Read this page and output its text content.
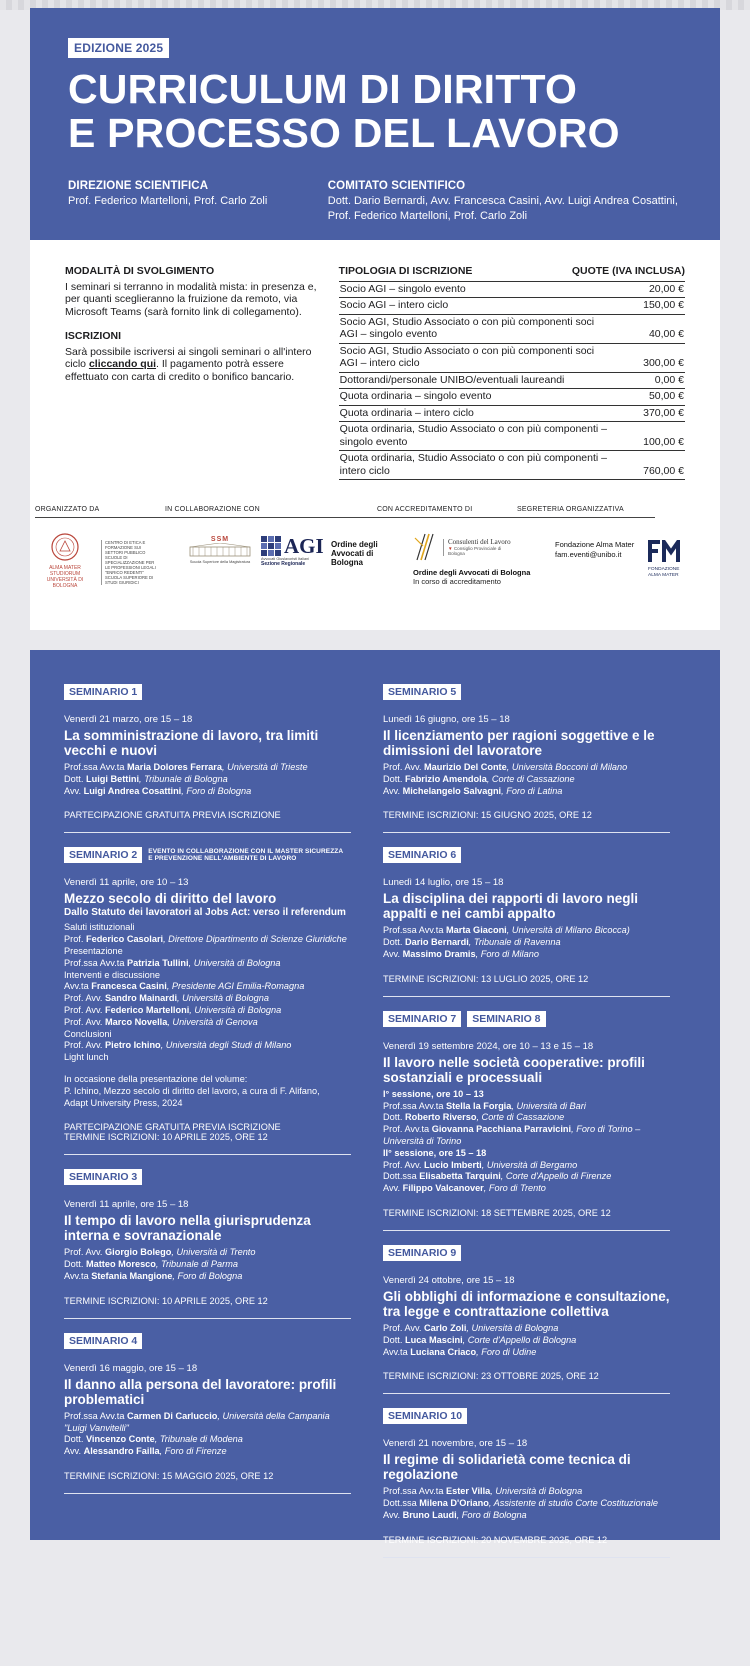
EDIZIONE 2025
CURRICULUM DI DIRITTO
E PROCESSO DEL LAVORO
DIREZIONE SCIENTIFICA
Prof. Federico Martelloni, Prof. Carlo Zoli
COMITATO SCIENTIFICO
Dott. Dario Bernardi, Avv. Francesca Casini, Avv. Luigi Andrea Cosattini,
Prof. Federico Martelloni, Prof. Carlo Zoli
MODALITÀ DI SVOLGIMENTO

I seminari si terranno in modalità mista: in presenza e, per quanti sceglieranno la fruizione da remoto, via Microsoft Teams (sarà fornito link di collegamento).

ISCRIZIONI

Sarà possibile iscriversi ai singoli seminari o all'intero ciclo cliccando qui. Il pagamento potrà essere effettuato con carta di credito o bonifico bancario.

TIPOLOGIA DI ISCRIZIONE	QUOTE (IVA INCLUSA)
Socio AGI – singolo evento	20,00 €
Socio AGI – intero ciclo	150,00 €
Socio AGI, Studio Associato o con più componenti soci AGI – singolo evento	40,00 €
Socio AGI, Studio Associato o con più componenti soci AGI – intero ciclo	300,00 €
Dottorandi/personale UNIBO/eventuali laureandi	0,00 €
Quota ordinaria – singolo evento	50,00 €
Quota ordinaria – intero ciclo	370,00 €
Quota ordinaria, Studio Associato o con più componenti – singolo evento	100,00 €
Quota ordinaria, Studio Associato o con più componenti – intero ciclo	760,00 €
ORGANIZZATO DA	IN COLLABORAZIONE CON	CON ACCREDITAMENTO DI	SEGRETERIA ORGANIZZATIVA
ALMA MATER STUDIORUM UNIVERSITÀ DI BOLOGNA
CENTRO DI ETICA E FORMAZIONE SUI SETTORI PUBBLICO SCUOLE DI SPECIALIZZAZIONE PER LE PROFESSIONI LEGALI "ENRICO REDENTI" SCUOLA SUPERIORE DI STUDI GIURIDICI
SSM
Scuola Superiore della Magistratura
AGI
Avvocati Giuslavoristi Italiani
Sezione Regionale
Ordine degli Avvocati di Bologna
Consulenti del Lavoro
▼ Consiglio Provinciale di Bologna
Ordine degli Avvocati di Bologna
In corso di accreditamento
Fondazione Alma Mater
fam.eventi@unibo.it
FONDAZIONE ALMA MATER
SEMINARIO 1
Venerdì 21 marzo, ore 15 – 18
La somministrazione di lavoro, tra limiti vecchi e nuovi
Prof.ssa Avv.ta Maria Dolores Ferrara, Università di Trieste
Dott. Luigi Bettini, Tribunale di Bologna
Avv. Luigi Andrea Cosattini, Foro di Bologna
PARTECIPAZIONE GRATUITA PREVIA ISCRIZIONE
SEMINARIO 2	EVENTO IN COLLABORAZIONE CON IL MASTER SICUREZZA E PREVENZIONE NELL'AMBIENTE DI LAVORO
Venerdì 11 aprile, ore 10 – 13
Mezzo secolo di diritto del lavoro
Dallo Statuto dei lavoratori al Jobs Act: verso il referendum
Saluti istituzionali
Prof. Federico Casolari, Direttore Dipartimento di Scienze Giuridiche
Presentazione
Prof.ssa Avv.ta Patrizia Tullini, Università di Bologna
Interventi e discussione
Avv.ta Francesca Casini, Presidente AGI Emilia-Romagna
Prof. Avv. Sandro Mainardi, Università di Bologna
Prof. Avv. Federico Martelloni, Università di Bologna
Prof. Avv. Marco Novella, Università di Genova
Conclusioni
Prof. Avv. Pietro Ichino, Università degli Studi di Milano
Light lunch
In occasione della presentazione del volume:
P. Ichino, Mezzo secolo di diritto del lavoro, a cura di F. Alifano,
Adapt University Press, 2024
PARTECIPAZIONE GRATUITA PREVIA ISCRIZIONE
TERMINE ISCRIZIONI: 10 APRILE 2025, ORE 12
SEMINARIO 3
Venerdì 11 aprile, ore 15 – 18
Il tempo di lavoro nella giurisprudenza interna e sovranazionale
Prof. Avv. Giorgio Bolego, Università di Trento
Dott. Matteo Moresco, Tribunale di Parma
Avv.ta Stefania Mangione, Foro di Bologna
TERMINE ISCRIZIONI: 10 APRILE 2025, ORE 12
SEMINARIO 4
Venerdì 16 maggio, ore 15 – 18
Il danno alla persona del lavoratore: profili problematici
Prof.ssa Avv.ta Carmen Di Carluccio, Università della Campania
"Luigi Vanvitelli"
Dott. Vincenzo Conte, Tribunale di Modena
Avv. Alessandro Failla, Foro di Firenze
TERMINE ISCRIZIONI: 15 MAGGIO 2025, ORE 12
SEMINARIO 5
Lunedì 16 giugno, ore 15 – 18
Il licenziamento per ragioni soggettive e le dimissioni del lavoratore
Prof. Avv. Maurizio Del Conte, Università Bocconi di Milano
Dott. Fabrizio Amendola, Corte di Cassazione
Avv. Michelangelo Salvagni, Foro di Latina
TERMINE ISCRIZIONI: 15 GIUGNO 2025, ORE 12
SEMINARIO 6
Lunedì 14 luglio, ore 15 – 18
La disciplina dei rapporti di lavoro negli appalti e nei cambi appalto
Prof.ssa Avv.ta Marta Giaconi, Università di Milano Bicocca)
Dott. Dario Bernardi, Tribunale di Ravenna
Avv. Massimo Dramis, Foro di Milano
TERMINE ISCRIZIONI: 13 LUGLIO 2025, ORE 12
SEMINARIO 7	SEMINARIO 8
Venerdì 19 settembre 2024, ore 10 – 13 e 15 – 18
Il lavoro nelle società cooperative: profili sostanziali e processuali
I° sessione, ore 10 – 13
Prof.ssa Avv.ta Stella la Forgia, Università di Bari
Dott. Roberto Riverso, Corte di Cassazione
Prof. Avv.ta Giovanna Pacchiana Parravicini, Foro di Torino –
Università di Torino
II° sessione, ore 15 – 18
Prof. Avv. Lucio Imberti, Università di Bergamo
Dott.ssa Elisabetta Tarquini, Corte d'Appello di Firenze
Avv. Filippo Valcanover, Foro di Trento
TERMINE ISCRIZIONI: 18 SETTEMBRE 2025, ORE 12
SEMINARIO 9
Venerdì 24 ottobre, ore 15 – 18
Gli obblighi di informazione e consultazione, tra legge e contrattazione collettiva
Prof. Avv. Carlo Zoli, Università di Bologna
Dott. Luca Mascini, Corte d'Appello di Bologna
Avv.ta Luciana Criaco, Foro di Udine
TERMINE ISCRIZIONI: 23 OTTOBRE 2025, ORE 12
SEMINARIO 10
Venerdì 21 novembre, ore 15 – 18
Il regime di solidarietà come tecnica di regolazione
Prof.ssa Avv.ta Ester Villa, Università di Bologna
Dott.ssa Milena D'Oriano, Assistente di studio Corte Costituzionale
Avv. Bruno Laudi, Foro di Bologna
TERMINE ISCRIZIONI: 20 NOVEMBRE 2025, ORE 12
